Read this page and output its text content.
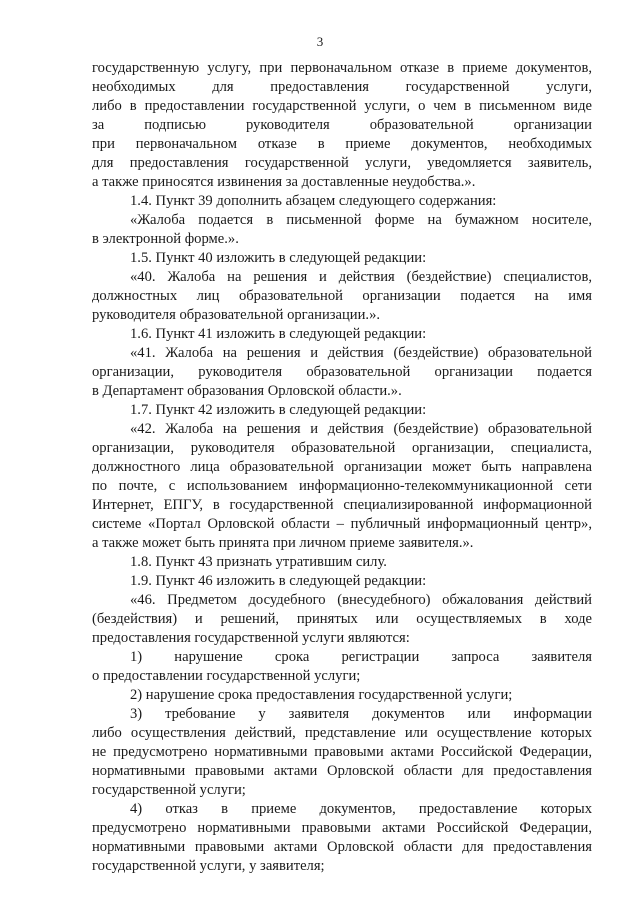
3
государственную услугу, при первоначальном отказе в приеме документов,
необходимых для предоставления государственной услуги,
либо в предоставлении государственной услуги, о чем в письменном виде
за подписью руководителя образовательной организации
при первоначальном отказе в приеме документов, необходимых
для предоставления государственной услуги, уведомляется заявитель,
а также приносятся извинения за доставленные неудобства.».
1.4. Пункт 39 дополнить абзацем следующего содержания:
«Жалоба подается в письменной форме на бумажном носителе,
в электронной форме.».
1.5. Пункт 40 изложить в следующей редакции:
«40. Жалоба на решения и действия (бездействие) специалистов,
должностных лиц образовательной организации подается на имя
руководителя образовательной организации.».
1.6. Пункт 41 изложить в следующей редакции:
«41. Жалоба на решения и действия (бездействие) образовательной
организации, руководителя образовательной организации подается
в Департамент образования Орловской области.».
1.7. Пункт 42 изложить в следующей редакции:
«42. Жалоба на решения и действия (бездействие) образовательной
организации, руководителя образовательной организации, специалиста,
должностного лица образовательной организации может быть направлена
по почте, с использованием информационно-телекоммуникационной сети
Интернет, ЕПГУ, в государственной специализированной информационной
системе «Портал Орловской области – публичный информационный центр»,
а также может быть принята при личном приеме заявителя.».
1.8. Пункт 43 признать утратившим силу.
1.9. Пункт 46 изложить в следующей редакции:
«46. Предметом досудебного (внесудебного) обжалования действий
(бездействия) и решений, принятых или осуществляемых в ходе
предоставления государственной услуги являются:
1) нарушение срока регистрации запроса заявителя
о предоставлении государственной услуги;
2) нарушение срока предоставления государственной услуги;
3) требование у заявителя документов или информации
либо осуществления действий, представление или осуществление которых
не предусмотрено нормативными правовыми актами Российской Федерации,
нормативными правовыми актами Орловской области для предоставления
государственной услуги;
4) отказ в приеме документов, предоставление которых
предусмотрено нормативными правовыми актами Российской Федерации,
нормативными правовыми актами Орловской области для предоставления
государственной услуги, у заявителя;
